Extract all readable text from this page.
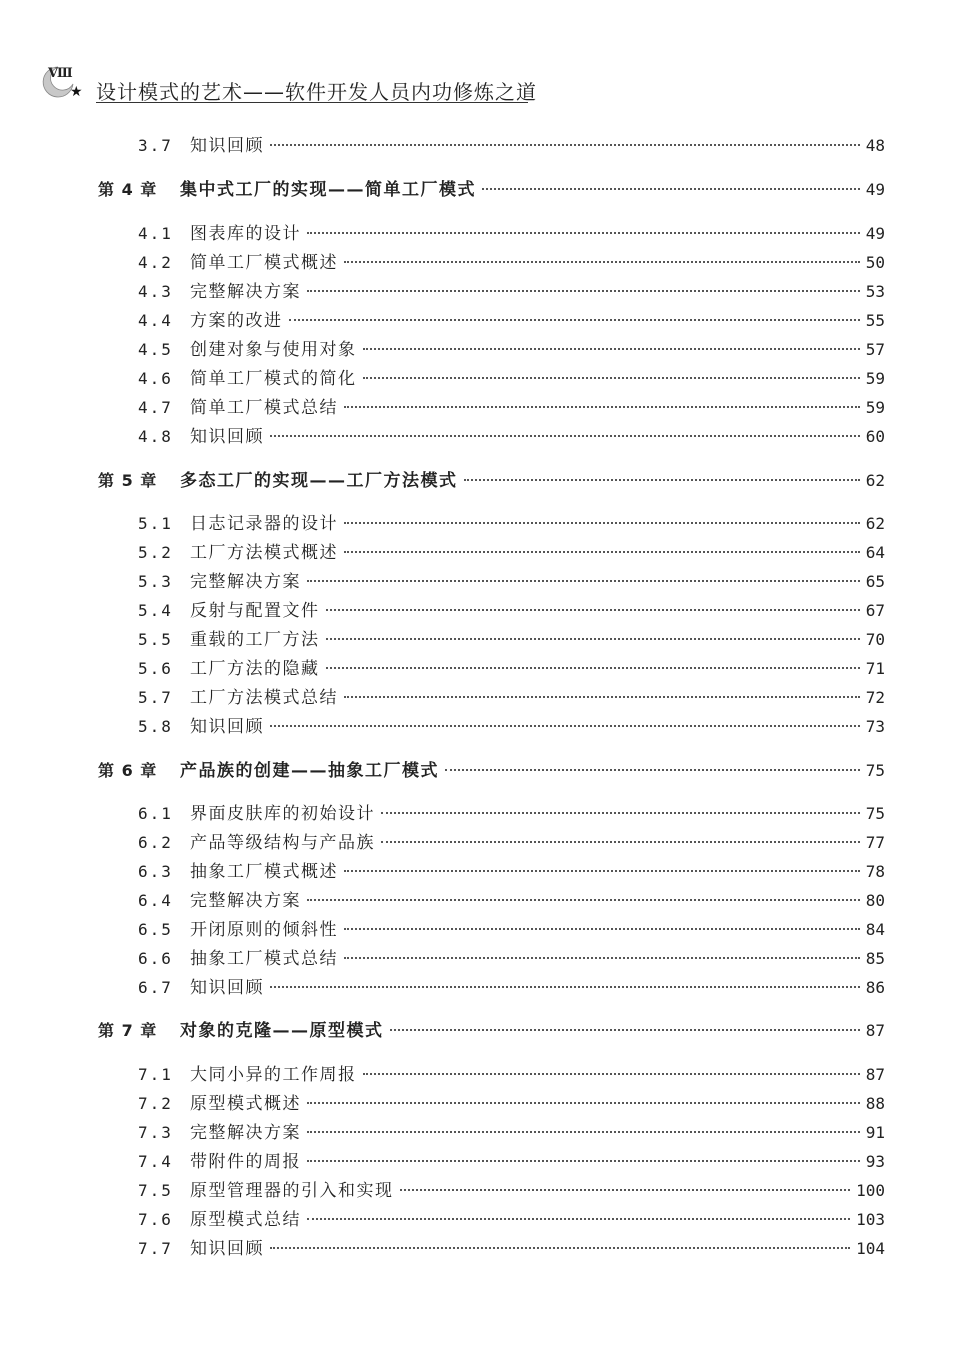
Ⅷ
★ 设计模式的艺术——软件开发人员内功修炼之道
3.7	知识回顾	48
第 4 章	集中式工厂的实现——简单工厂模式	49
4.1	图表库的设计	49
4.2	简单工厂模式概述	50
4.3	完整解决方案	53
4.4	方案的改进	55
4.5	创建对象与使用对象	57
4.6	简单工厂模式的简化	59
4.7	简单工厂模式总结	59
4.8	知识回顾	60
第 5 章	多态工厂的实现——工厂方法模式	62
5.1	日志记录器的设计	62
5.2	工厂方法模式概述	64
5.3	完整解决方案	65
5.4	反射与配置文件	67
5.5	重载的工厂方法	70
5.6	工厂方法的隐藏	71
5.7	工厂方法模式总结	72
5.8	知识回顾	73
第 6 章	产品族的创建——抽象工厂模式	75
6.1	界面皮肤库的初始设计	75
6.2	产品等级结构与产品族	77
6.3	抽象工厂模式概述	78
6.4	完整解决方案	80
6.5	开闭原则的倾斜性	84
6.6	抽象工厂模式总结	85
6.7	知识回顾	86
第 7 章	对象的克隆——原型模式	87
7.1	大同小异的工作周报	87
7.2	原型模式概述	88
7.3	完整解决方案	91
7.4	带附件的周报	93
7.5	原型管理器的引入和实现	100
7.6	原型模式总结	103
7.7	知识回顾	104
